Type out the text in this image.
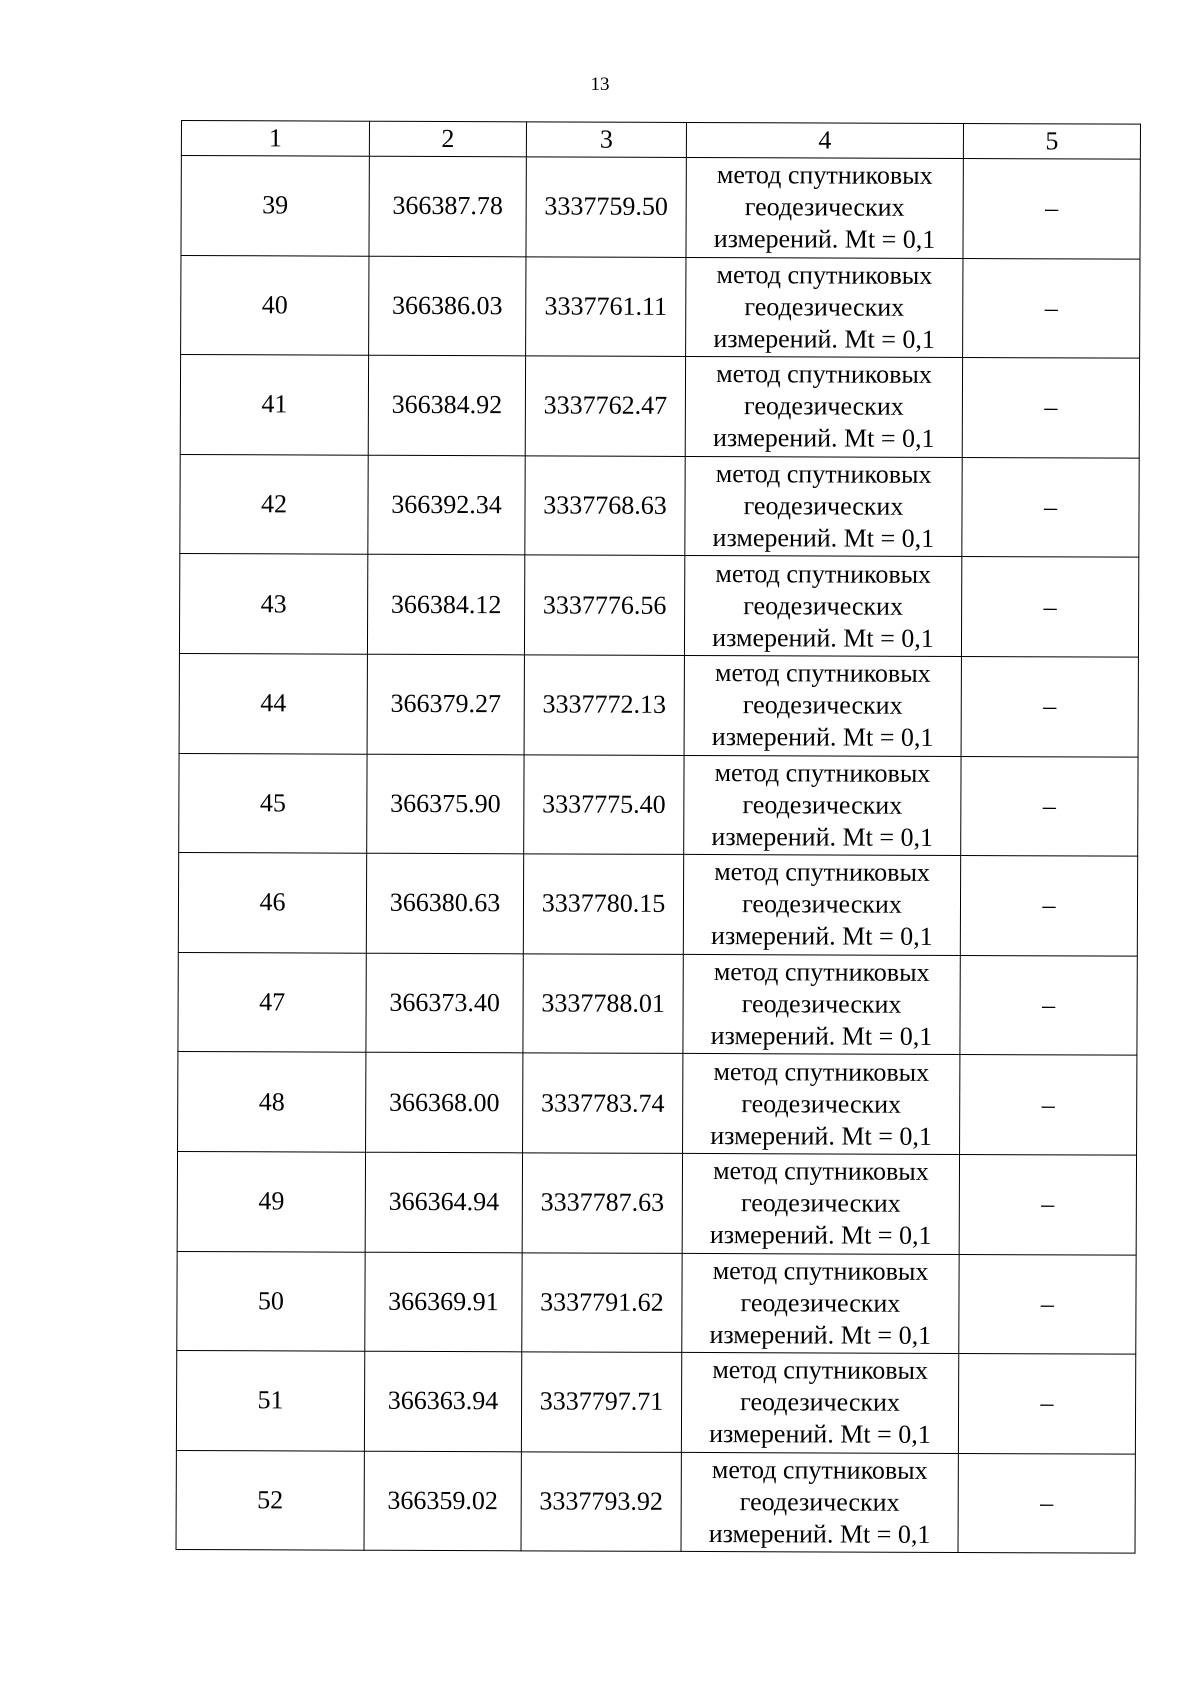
13
1	2	3	4	5
39	366387.78	3337759.50	метод спутниковых
геодезических
измерений. Mt = 0,1	–
40	366386.03	3337761.11	метод спутниковых
геодезических
измерений. Mt = 0,1	–
41	366384.92	3337762.47	метод спутниковых
геодезических
измерений. Mt = 0,1	–
42	366392.34	3337768.63	метод спутниковых
геодезических
измерений. Mt = 0,1	–
43	366384.12	3337776.56	метод спутниковых
геодезических
измерений. Mt = 0,1	–
44	366379.27	3337772.13	метод спутниковых
геодезических
измерений. Mt = 0,1	–
45	366375.90	3337775.40	метод спутниковых
геодезических
измерений. Mt = 0,1	–
46	366380.63	3337780.15	метод спутниковых
геодезических
измерений. Mt = 0,1	–
47	366373.40	3337788.01	метод спутниковых
геодезических
измерений. Mt = 0,1	–
48	366368.00	3337783.74	метод спутниковых
геодезических
измерений. Mt = 0,1	–
49	366364.94	3337787.63	метод спутниковых
геодезических
измерений. Mt = 0,1	–
50	366369.91	3337791.62	метод спутниковых
геодезических
измерений. Mt = 0,1	–
51	366363.94	3337797.71	метод спутниковых
геодезических
измерений. Mt = 0,1	–
52	366359.02	3337793.92	метод спутниковых
геодезических
измерений. Mt = 0,1	–
